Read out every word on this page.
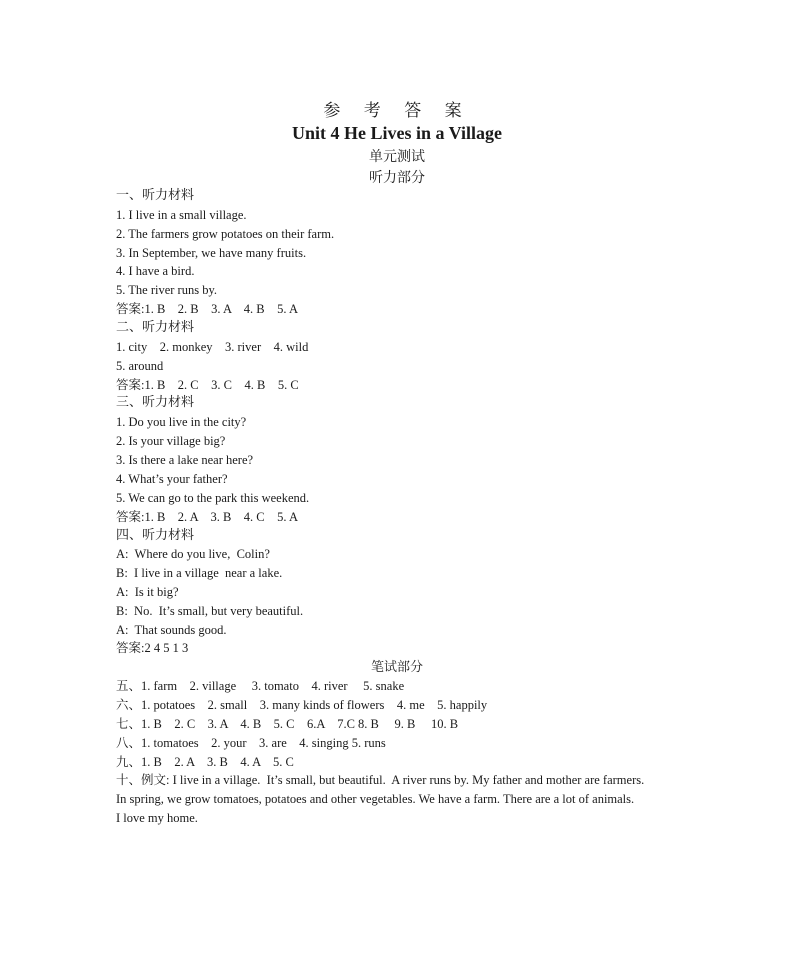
参 考 答 案
Unit 4 He Lives in a Village
单元测试
听力部分
一、听力材料
1. I live in a small village.
2. The farmers grow potatoes on their farm.
3. In September, we have many fruits.
4. I have a bird.
5. The river runs by.
答案:1. B    2. B    3. A    4. B    5. A
二、听力材料
1. city    2. monkey    3. river    4. wild
5. around
答案:1. B    2. C    3. C    4. B    5. C
三、听力材料
1. Do you live in the city?
2. Is your village big?
3. Is there a lake near here?
4. What’s your father?
5. We can go to the park this weekend.
答案:1. B    2. A    3. B    4. C    5. A
四、听力材料
A:  Where do you live,  Colin?
B:  I live in a village  near a lake.
A:  Is it big?
B:  No.  It’s small, but very beautiful.
A:  That sounds good.
答案:2 4 5 1 3
笔试部分
五、1. farm    2. village     3. tomato    4. river     5. snake
六、1. potatoes    2. small    3. many kinds of flowers    4. me    5. happily
七、1. B    2. C    3. A    4. B    5. C    6.A    7.C 8. B     9. B     10. B
八、1. tomatoes    2. your    3. are    4. singing 5. runs
九、1. B    2. A    3. B    4. A    5. C
十、例文: I live in a village.  It’s small, but beautiful.  A river runs by. My father and mother are farmers.
In spring, we grow tomatoes, potatoes and other vegetables. We have a farm. There are a lot of animals.
I love my home.
